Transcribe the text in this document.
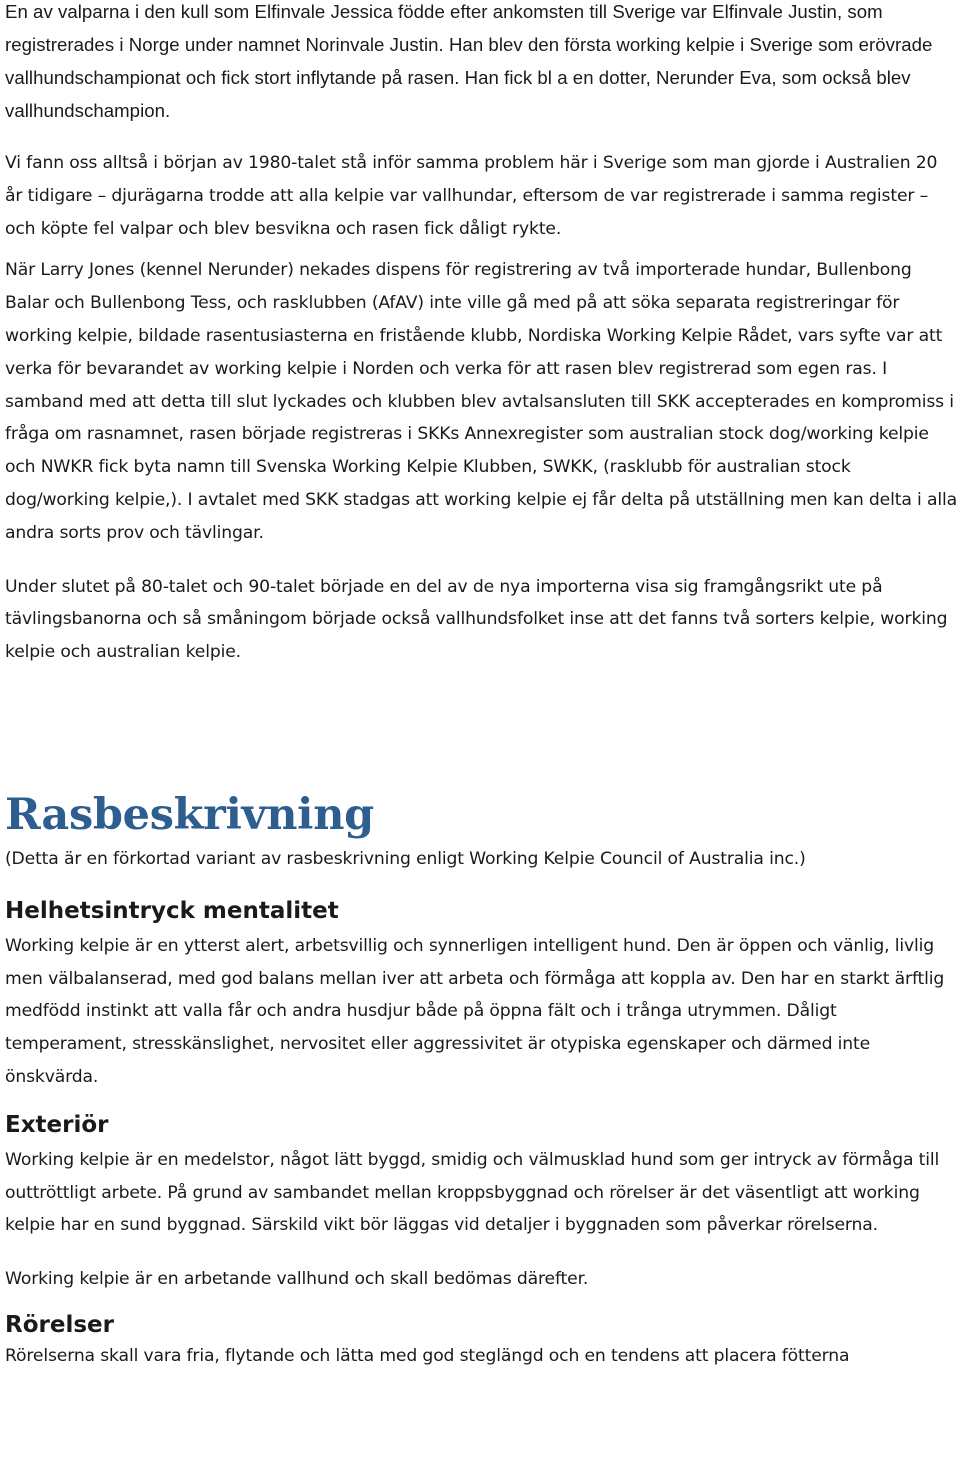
En av valparna i den kull som Elfinvale Jessica födde efter ankomsten till Sverige var Elfinvale Justin, som registrerades i Norge under namnet Norinvale Justin. Han blev den första working kelpie i Sverige som erövrade vallhundschampionat och fick stort inflytande på rasen. Han fick bl a en dotter, Nerunder Eva, som också blev vallhundschampion.

Vi fann oss alltså i början av 1980-talet stå inför samma problem här i Sverige som man gjorde i Australien 20 år tidigare – djurägarna trodde att alla kelpie var vallhundar, eftersom de var registrerade i samma register – och köpte fel valpar och blev besvikna och rasen fick dåligt rykte.

När Larry Jones (kennel Nerunder) nekades dispens för registrering av två importerade hundar, Bullenbong Balar och Bullenbong Tess, och rasklubben (AfAV) inte ville gå med på att söka separata registreringar för working kelpie, bildade rasentusiasterna en fristående klubb, Nordiska Working Kelpie Rådet, vars syfte var att verka för bevarandet av working kelpie i Norden och verka för att rasen blev registrerad som egen ras. I samband med att detta till slut lyckades och klubben blev avtalsansluten till SKK accepterades en kompromiss i fråga om rasnamnet, rasen började registreras i SKKs Annexregister som australian stock dog/working kelpie och NWKR fick byta namn till Svenska Working Kelpie Klubben, SWKK, (rasklubb för australian stock dog/working kelpie,). I avtalet med SKK stadgas att working kelpie ej får delta på utställning men kan delta i alla andra sorts prov och tävlingar.

Under slutet på 80-talet och 90-talet började en del av de nya importerna visa sig framgångsrikt ute på tävlingsbanorna och så småningom började också vallhundsfolket inse att det fanns två sorters kelpie, working kelpie och australian kelpie.

Rasbeskrivning

(Detta är en förkortad variant av rasbeskrivning enligt Working Kelpie Council of Australia inc.)

Helhetsintryck mentalitet

Working kelpie är en ytterst alert, arbetsvillig och synnerligen intelligent hund. Den är öppen och vänlig, livlig men välbalanserad, med god balans mellan iver att arbeta och förmåga att koppla av. Den har en starkt ärftlig medfödd instinkt att valla får och andra husdjur både på öppna fält och i trånga utrymmen. Dåligt temperament, stresskänslighet, nervositet eller aggressivitet är otypiska egenskaper och därmed inte önskvärda.

Exteriör

Working kelpie är en medelstor, något lätt byggd, smidig och välmusklad hund som ger intryck av förmåga till outtröttligt arbete. På grund av sambandet mellan kroppsbyggnad och rörelser är det väsentligt att working kelpie har en sund byggnad. Särskild vikt bör läggas vid detaljer i byggnaden som påverkar rörelserna.

Working kelpie är en arbetande vallhund och skall bedömas därefter.

Rörelser

Rörelserna skall vara fria, flytande och lätta med god steglängd och en tendens att placera fötterna
